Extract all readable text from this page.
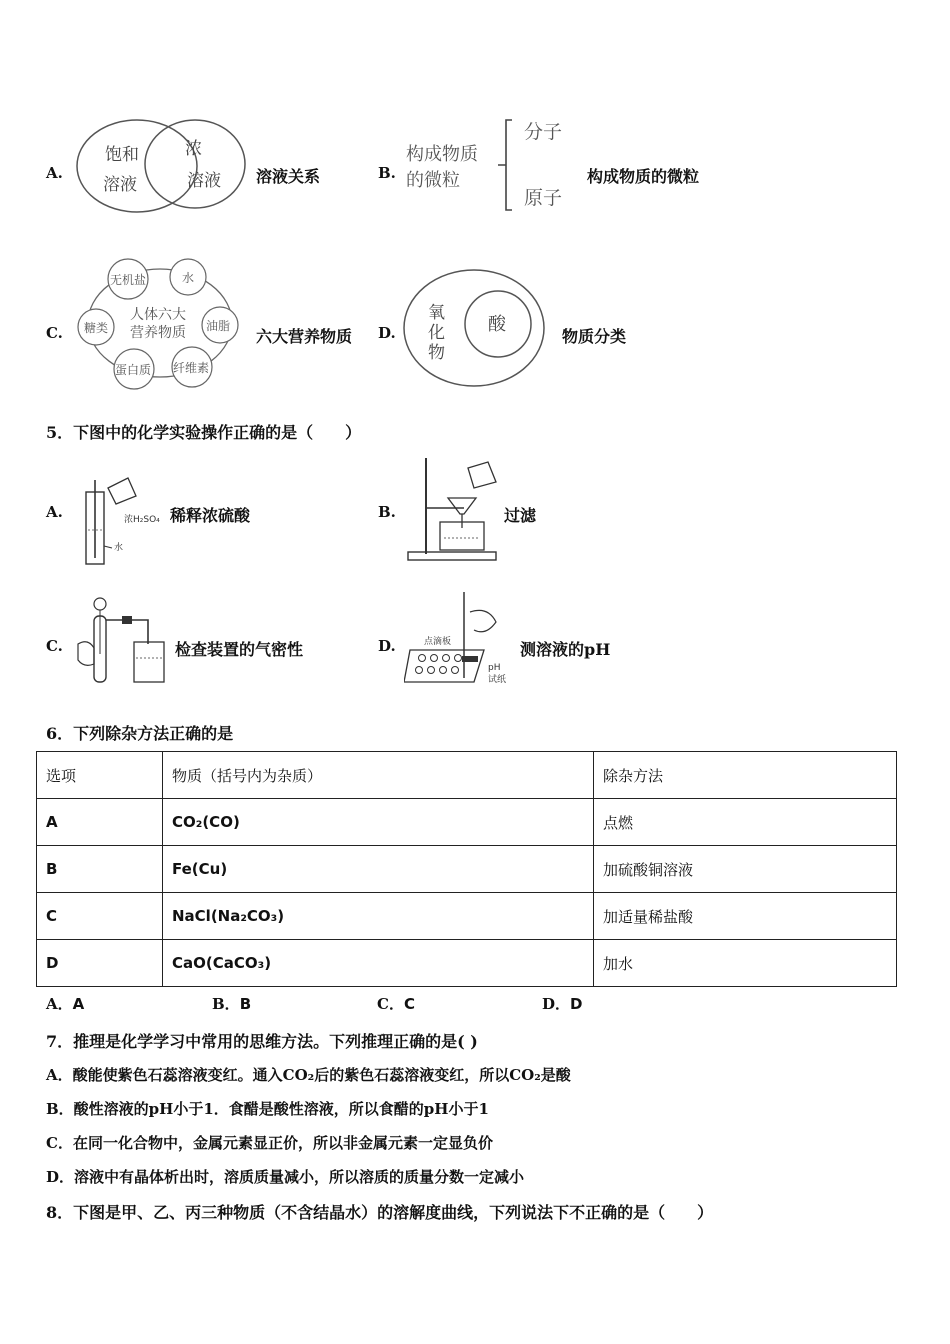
A.
饱和
溶液
浓
溶液 溶液关系	B.
构成物质
的微粒
分子
原子
构成物质的微粒
C.
无机盐	水
油脂
纤维素
蛋白质
糖类
人体六大
营养物质	六大营养物质 D.
氧
化
物
酸
物质分类
5．下图中的化学实验操作正确的是（　　）
A.	浓H₂SO₄
水
稀释浓硫酸	B.	过滤
C.	检查装置的气密性	D.	点滴板
pH
试纸
测溶液的pH
6．下列除杂方法正确的是
选项	物质（括号内为杂质）	除杂方法
A	CO₂(CO)	点燃
B	Fe(Cu)	加硫酸铜溶液
C	NaCl(Na₂CO₃)	加适量稀盐酸
D	CaO(CaCO₃)	加水
A．A	B．B	C．C	D．D
7．推理是化学学习中常用的思维方法。下列推理正确的是( )
A．酸能使紫色石蕊溶液变红。通入CO₂后的紫色石蕊溶液变红，所以CO₂是酸
B．酸性溶液的pH小于1．食醋是酸性溶液，所以食醋的pH小于1
C．在同一化合物中，金属元素显正价，所以非金属元素一定显负价
D．溶液中有晶体析出时，溶质质量减小，所以溶质的质量分数一定减小
8．下图是甲、乙、丙三种物质（不含结晶水）的溶解度曲线，下列说法下不正确的是（　　）
